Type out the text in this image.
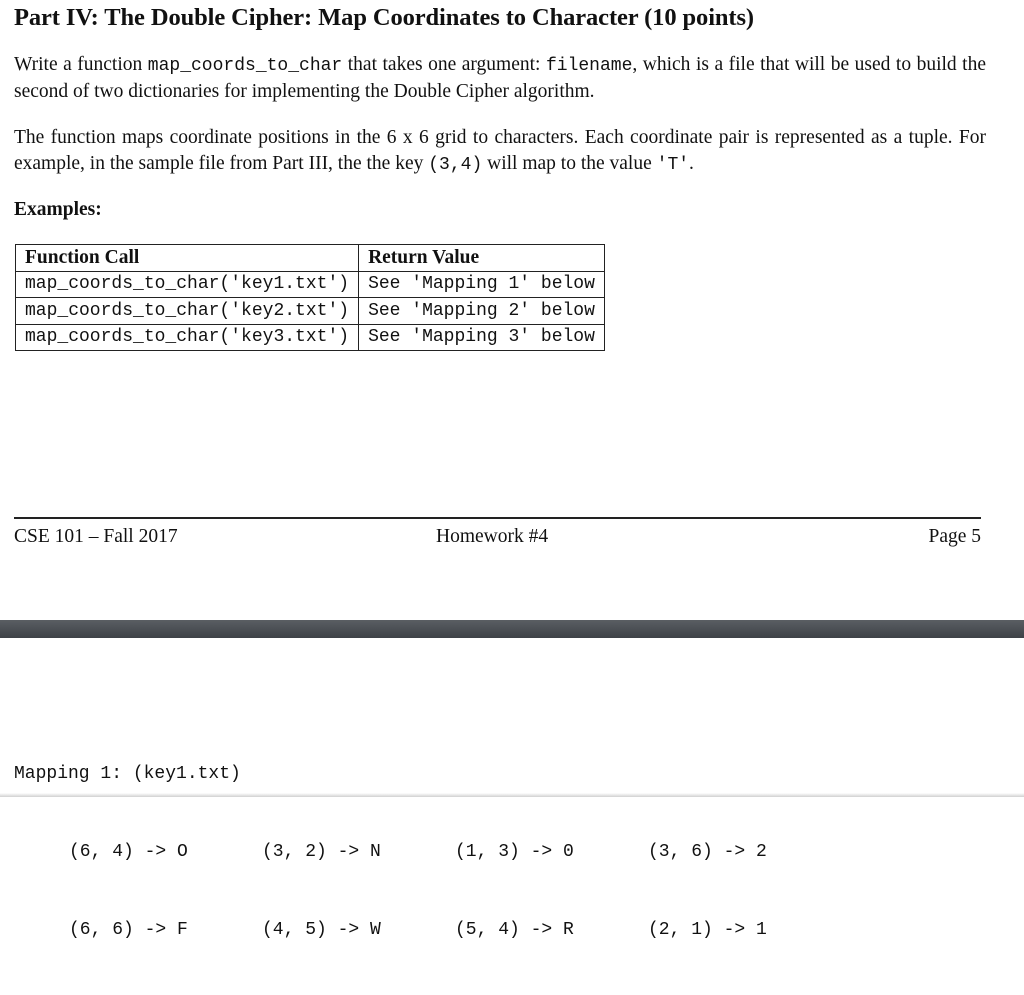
Part IV: The Double Cipher: Map Coordinates to Character (10 points)

Write a function map_coords_to_char that takes one argument: filename, which is a file that will be used to build the second of two dictionaries for implementing the Double Cipher algorithm.

The function maps coordinate positions in the 6 x 6 grid to characters. Each coordinate pair is represented as a tuple. For example, in the sample file from Part III, the the key (3,4) will map to the value 'T'.

Examples:

Function Call	Return Value
map_coords_to_char('key1.txt')	See 'Mapping 1' below
map_coords_to_char('key2.txt')	See 'Mapping 2' below
map_coords_to_char('key3.txt')	See 'Mapping 3' below
CSE 101 – Fall 2017	Homework #4	Page 5

Mapping 1: (key1.txt)

(6, 4) -> O	(3, 2) -> N	(1, 3) -> 0	(3, 6) -> 2

(6, 6) -> F	(4, 5) -> W	(5, 4) -> R	(2, 1) -> 1
